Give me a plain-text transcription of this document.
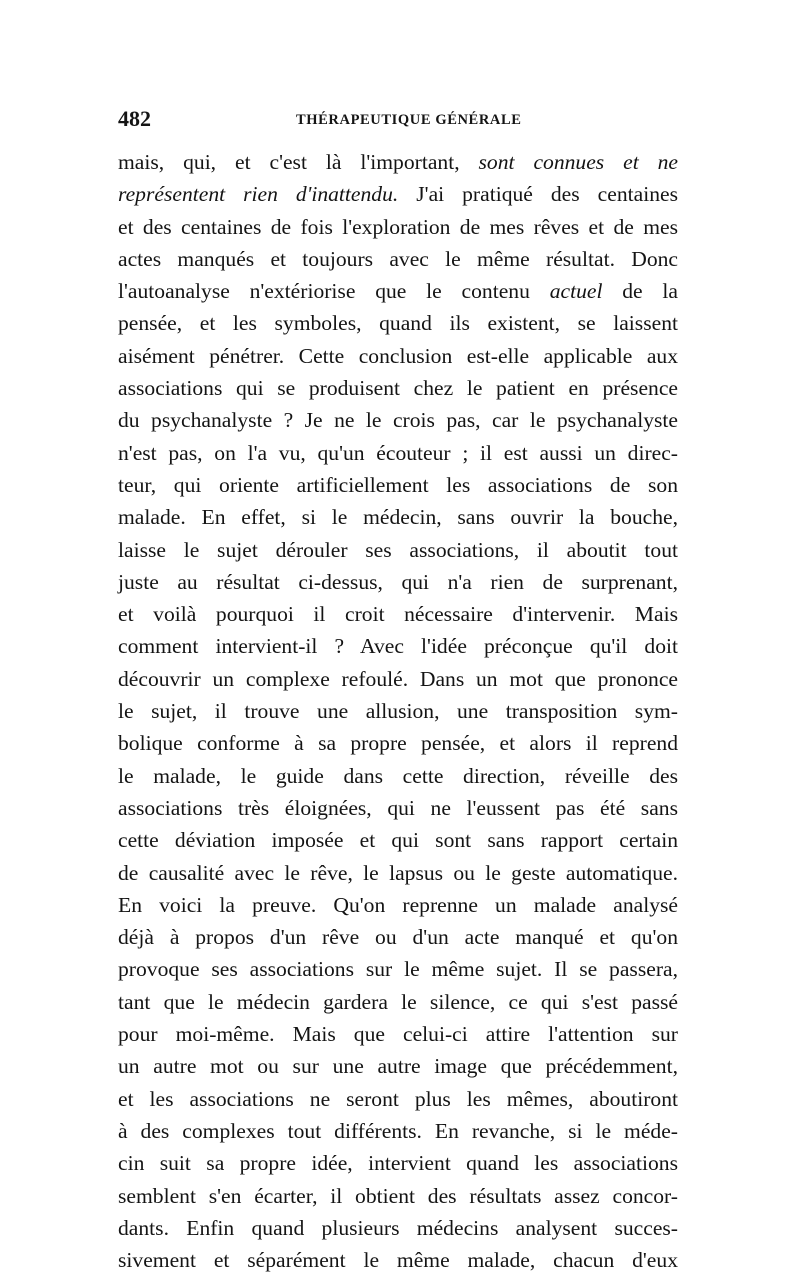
482	THÉRAPEUTIQUE GÉNÉRALE
mais, qui, et c'est là l'important, sont connues et ne
représentent rien d'inattendu. J'ai pratiqué des centaines
et des centaines de fois l'exploration de mes rêves et de mes
actes manqués et toujours avec le même résultat. Donc
l'autoanalyse n'extériorise que le contenu actuel de la
pensée, et les symboles, quand ils existent, se laissent
aisément pénétrer. Cette conclusion est-elle applicable aux
associations qui se produisent chez le patient en présence
du psychanalyste ? Je ne le crois pas, car le psychanalyste
n'est pas, on l'a vu, qu'un écouteur ; il est aussi un direc-
teur, qui oriente artificiellement les associations de son
malade. En effet, si le médecin, sans ouvrir la bouche,
laisse le sujet dérouler ses associations, il aboutit tout
juste au résultat ci-dessus, qui n'a rien de surprenant,
et voilà pourquoi il croit nécessaire d'intervenir. Mais
comment intervient-il ? Avec l'idée préconçue qu'il doit
découvrir un complexe refoulé. Dans un mot que prononce
le sujet, il trouve une allusion, une transposition sym-
bolique conforme à sa propre pensée, et alors il reprend
le malade, le guide dans cette direction, réveille des
associations très éloignées, qui ne l'eussent pas été sans
cette déviation imposée et qui sont sans rapport certain
de causalité avec le rêve, le lapsus ou le geste automatique.
En voici la preuve. Qu'on reprenne un malade analysé
déjà à propos d'un rêve ou d'un acte manqué et qu'on
provoque ses associations sur le même sujet. Il se passera,
tant que le médecin gardera le silence, ce qui s'est passé
pour moi-même. Mais que celui-ci attire l'attention sur
un autre mot ou sur une autre image que précédemment,
et les associations ne seront plus les mêmes, aboutiront
à des complexes tout différents. En revanche, si le méde-
cin suit sa propre idée, intervient quand les associations
semblent s'en écarter, il obtient des résultats assez concor-
dants. Enfin quand plusieurs médecins analysent succes-
sivement et séparément le même malade, chacun d'eux
